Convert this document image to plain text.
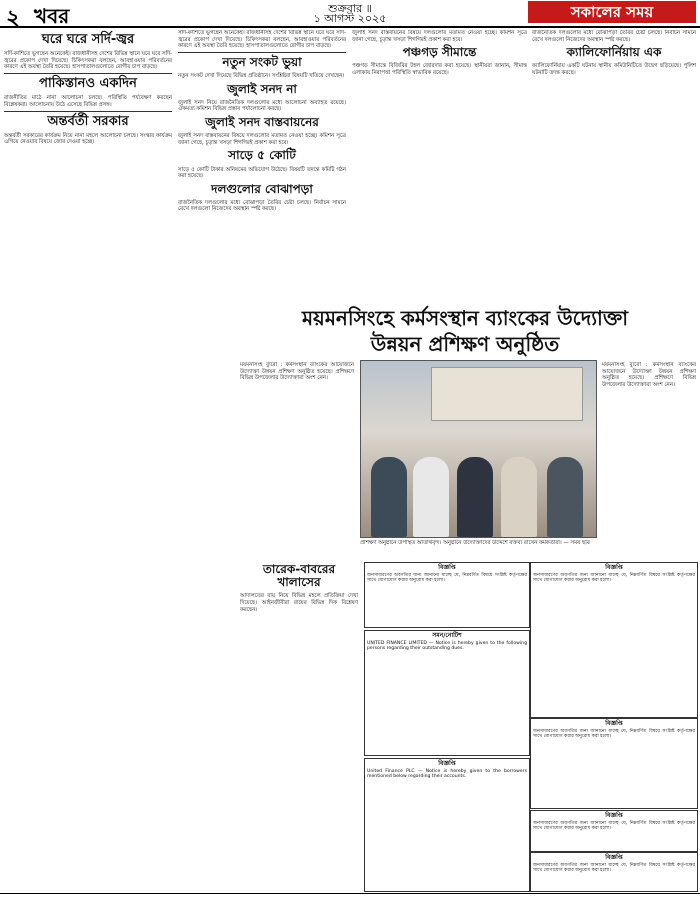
২ খবর	শুক্রবার ॥
১ আগস্ট ২০২৫	সকালের সময়
ঘরে ঘরে সর্দি-জ্বর

সর্দি-কাশিতে ভুগছেন অনেকেই। রাজধানীসহ দেশের বিভিন্ন স্থানে ঘরে ঘরে সর্দি-জ্বরের প্রকোপ দেখা দিয়েছে। চিকিৎসকরা বলছেন, আবহাওয়ার পরিবর্তনের কারণে এই অবস্থা তৈরি হয়েছে। হাসপাতালগুলোতে রোগীর চাপ বাড়ছে।

পাকিস্তানও একদিন

রাজনীতির মাঠে নানা আলোচনা চলছে। পরিস্থিতি পর্যবেক্ষণ করছেন বিশ্লেষকরা। আলোচনায় উঠে এসেছে বিভিন্ন প্রসঙ্গ।

অন্তর্বর্তী সরকার

অন্তর্বর্তী সরকারের কার্যক্রম নিয়ে নানা মহলে আলোচনা চলছে। সংস্কার কার্যক্রম এগিয়ে নেওয়ার বিষয়ে জোর দেওয়া হচ্ছে।

সর্দি-কাশিতে ভুগছেন অনেকেই। রাজধানীসহ দেশের বিভিন্ন স্থানে ঘরে ঘরে সর্দি-জ্বরের প্রকোপ দেখা দিয়েছে। চিকিৎসকরা বলছেন, আবহাওয়ার পরিবর্তনের কারণে এই অবস্থা তৈরি হয়েছে। হাসপাতালগুলোতে রোগীর চাপ বাড়ছে।

নতুন সংকট ভুয়া

নতুন সংকট দেখা দিয়েছে বিভিন্ন প্রতিষ্ঠানে। সংশ্লিষ্টরা বিষয়টি খতিয়ে দেখছেন।

জুলাই সনদ না

জুলাই সনদ নিয়ে রাজনৈতিক দলগুলোর মধ্যে আলোচনা অব্যাহত রয়েছে। ঐকমত্য কমিশন বিভিন্ন প্রস্তাব পর্যালোচনা করছে।

জুলাই সনদ বাস্তবায়নের

জুলাই সনদ বাস্তবায়নের বিষয়ে দলগুলোর মতামত নেওয়া হচ্ছে। কমিশন সূত্রে জানা গেছে, চূড়ান্ত খসড়া শিগগিরই প্রকাশ করা হবে।

সাড়ে ৫ কোটি

সাড়ে ৫ কোটি টাকার অনিয়মের অভিযোগ উঠেছে। বিষয়টি তদন্তে কমিটি গঠন করা হয়েছে।

দলগুলোর বোঝাপড়া

রাজনৈতিক দলগুলোর মধ্যে বোঝাপড়া তৈরির চেষ্টা চলছে। নির্বাচন সামনে রেখে দলগুলো নিজেদের অবস্থান স্পষ্ট করছে।

জুলাই সনদ বাস্তবায়নের বিষয়ে দলগুলোর মতামত নেওয়া হচ্ছে। কমিশন সূত্রে জানা গেছে, চূড়ান্ত খসড়া শিগগিরই প্রকাশ করা হবে।

পঞ্চগড় সীমান্তে

পঞ্চগড় সীমান্তে বিজিবির টহল জোরদার করা হয়েছে। স্থানীয়রা জানান, সীমান্ত এলাকায় নিরাপত্তা পরিস্থিতি স্বাভাবিক রয়েছে।

রাজনৈতিক দলগুলোর মধ্যে বোঝাপড়া তৈরির চেষ্টা চলছে। নির্বাচন সামনে রেখে দলগুলো নিজেদের অবস্থান স্পষ্ট করছে।

ক্যালিফোর্নিয়ায় এক

ক্যালিফোর্নিয়ায় একটি ঘটনায় স্থানীয় কমিউনিটিতে উদ্বেগ ছড়িয়েছে। পুলিশ ঘটনাটি তদন্ত করছে।

ময়মনসিংহে কর্মসংস্থান ব্যাংকের উদ্যোক্তা
উন্নয়ন প্রশিক্ষণ অনুষ্ঠিত
ময়মনসিংহ ব্যুরো : কর্মসংস্থান ব্যাংকের আয়োজনে উদ্যোক্তা উন্নয়ন প্রশিক্ষণ অনুষ্ঠিত হয়েছে। প্রশিক্ষণে বিভিন্ন উপজেলার উদ্যোক্তারা অংশ নেন।
ময়মনসিংহ ব্যুরো : কর্মসংস্থান ব্যাংকের আয়োজনে উদ্যোক্তা উন্নয়ন প্রশিক্ষণ অনুষ্ঠিত হয়েছে। প্রশিক্ষণে বিভিন্ন উপজেলার উদ্যোক্তারা অংশ নেন।
প্রশিক্ষণ অনুষ্ঠানে উপস্থিত অতিথিবৃন্দ। অনুষ্ঠানে উদ্যোক্তাদের উদ্দেশে বক্তব্য রাখেন কর্মকর্তারা। — সময় ছবি
তারেক-বাবরের খালাসের

আদালতের রায় নিয়ে বিভিন্ন মহলে প্রতিক্রিয়া দেখা দিয়েছে। আইনজীবীরা রায়ের বিভিন্ন দিক বিশ্লেষণ করছেন।

বিজ্ঞপ্তি
জনসাধারণের অবগতির জন্য জানানো যাচ্ছে যে, নিম্নবর্ণিত বিষয়ে সংশ্লিষ্ট কর্তৃপক্ষের সাথে যোগাযোগ করার অনুরোধ করা হলো।
বিজ্ঞপ্তি
জনসাধারণের অবগতির জন্য জানানো যাচ্ছে যে, নিম্নবর্ণিত বিষয়ে সংশ্লিষ্ট কর্তৃপক্ষের সাথে যোগাযোগ করার অনুরোধ করা হলো।
সমন/নোটিশ
UNITED FINANCE LIMITED — Notice is hereby given to the following persons regarding their outstanding dues.
বিজ্ঞপ্তি
জনসাধারণের অবগতির জন্য জানানো যাচ্ছে যে, নিম্নবর্ণিত বিষয়ে সংশ্লিষ্ট কর্তৃপক্ষের সাথে যোগাযোগ করার অনুরোধ করা হলো।
বিজ্ঞপ্তি
United Finance PLC — Notice is hereby given to the borrowers mentioned below regarding their accounts.
বিজ্ঞপ্তি
জনসাধারণের অবগতির জন্য জানানো যাচ্ছে যে, নিম্নবর্ণিত বিষয়ে সংশ্লিষ্ট কর্তৃপক্ষের সাথে যোগাযোগ করার অনুরোধ করা হলো।
বিজ্ঞপ্তি
জনসাধারণের অবগতির জন্য জানানো যাচ্ছে যে, নিম্নবর্ণিত বিষয়ে সংশ্লিষ্ট কর্তৃপক্ষের সাথে যোগাযোগ করার অনুরোধ করা হলো।
